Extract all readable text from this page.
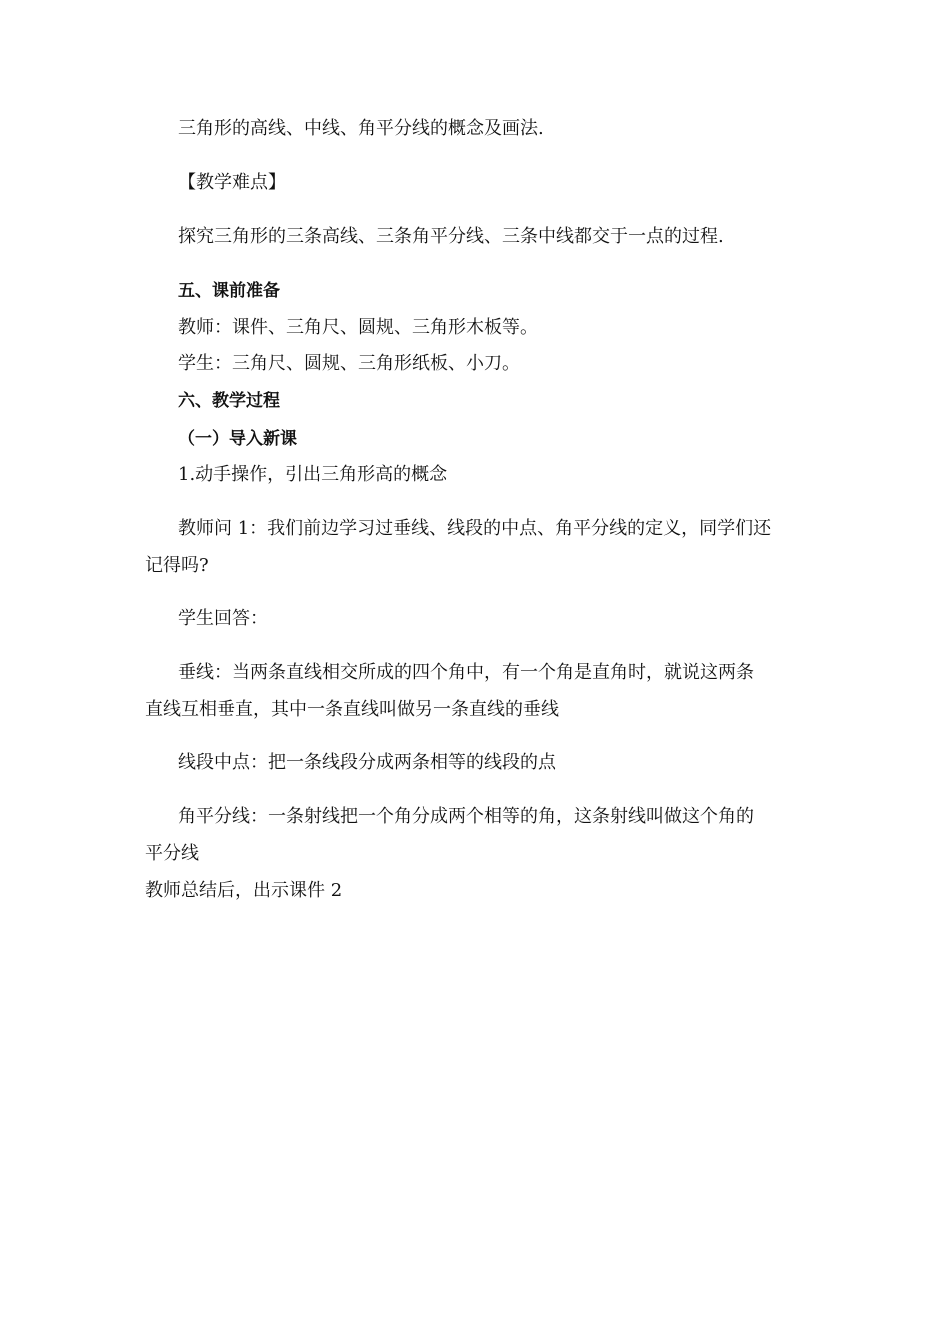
三角形的高线、中线、角平分线的概念及画法.
【教学难点】
探究三角形的三条高线、三条角平分线、三条中线都交于一点的过程.
五、课前准备
教师：课件、三角尺、圆规、三角形木板等。
学生：三角尺、圆规、三角形纸板、小刀。
六、教学过程
（一）导入新课
1.动手操作，引出三角形高的概念
教师问 1：我们前边学习过垂线、线段的中点、角平分线的定义，同学们还
记得吗?
学生回答：
垂线：当两条直线相交所成的四个角中，有一个角是直角时，就说这两条
直线互相垂直，其中一条直线叫做另一条直线的垂线
线段中点：把一条线段分成两条相等的线段的点
角平分线：一条射线把一个角分成两个相等的角，这条射线叫做这个角的
平分线
教师总结后，出示课件 2
